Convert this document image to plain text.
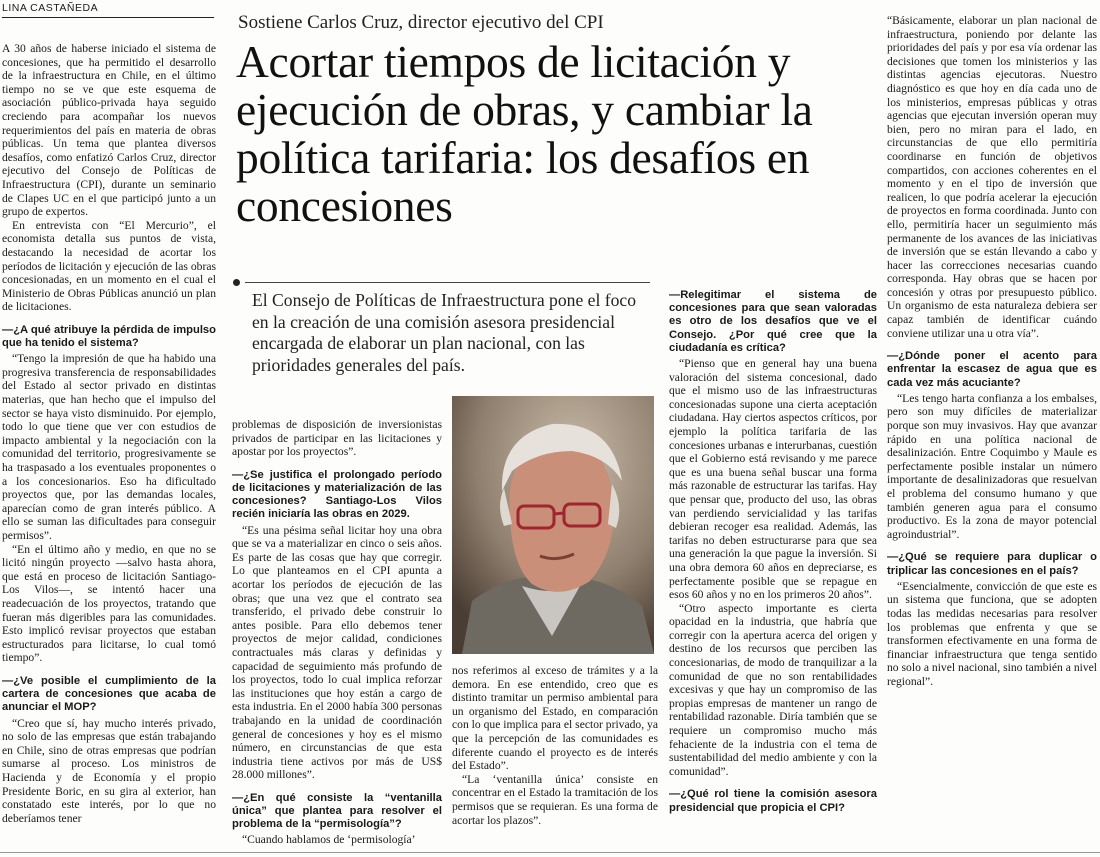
LINA CASTAÑEDA
Sostiene Carlos Cruz, director ejecutivo del CPI
Acortar tiempos de licitación y ejecución de obras, y cambiar la política tarifaria: los desafíos en concesiones
El Consejo de Políticas de Infraestructura pone el foco en la creación de una comisión asesora presidencial encargada de elaborar un plan nacional, con las prioridades generales del país.

A 30 años de haberse iniciado el sistema de concesiones, que ha permitido el desarrollo de la infraestructura en Chile, en el último tiempo no se ve que este esquema de asociación público-privada haya seguido creciendo para acompañar los nuevos requerimientos del país en materia de obras públicas. Un tema que plantea diversos desafíos, como enfatizó Carlos Cruz, director ejecutivo del Consejo de Políticas de Infraestructura (CPI), durante un seminario de Clapes UC en el que participó junto a un grupo de expertos.

En entrevista con “El Mercurio”, el economista detalla sus puntos de vista, destacando la necesidad de acortar los períodos de licitación y ejecución de las obras concesionadas, en un momento en el cual el Ministerio de Obras Públicas anunció un plan de licitaciones.

—¿A qué atribuye la pérdida de impulso que ha tenido el sistema?

“Tengo la impresión de que ha habido una progresiva transferencia de responsabilidades del Estado al sector privado en distintas materias, que han hecho que el impulso del sector se haya visto disminuido. Por ejemplo, todo lo que tiene que ver con estudios de impacto ambiental y la negociación con la comunidad del territorio, progresivamente se ha traspasado a los eventuales proponentes o a los concesionarios. Eso ha dificultado proyectos que, por las demandas locales, aparecían como de gran interés público. A ello se suman las dificultades para conseguir permisos”.

“En el último año y medio, en que no se licitó ningún proyecto —salvo hasta ahora, que está en proceso de licitación Santiago-Los Vilos—, se intentó hacer una readecuación de los proyectos, tratando que fueran más digeribles para las comunidades. Esto implicó revisar proyectos que estaban estructurados para licitarse, lo cual tomó tiempo”.

—¿Ve posible el cumplimiento de la cartera de concesiones que acaba de anunciar el MOP?

“Creo que sí, hay mucho interés privado, no solo de las empresas que están trabajando en Chile, sino de otras empresas que podrían sumarse al proceso. Los ministros de Hacienda y de Economía y el propio Presidente Boric, en su gira al exterior, han constatado este interés, por lo que no deberíamos tener

problemas de disposición de inversionistas privados de participar en las licitaciones y apostar por los proyectos”.

—¿Se justifica el prolongado período de licitaciones y materialización de las concesiones? Santiago-Los Vilos recién iniciaría las obras en 2029.

“Es una pésima señal licitar hoy una obra que se va a materializar en cinco o seis años. Es parte de las cosas que hay que corregir. Lo que planteamos en el CPI apunta a acortar los períodos de ejecución de las obras; que una vez que el contrato sea transferido, el privado debe construir lo antes posible. Para ello debemos tener proyectos de mejor calidad, condiciones contractuales más claras y definidas y capacidad de seguimiento más profundo de los proyectos, todo lo cual implica reforzar las instituciones que hoy están a cargo de esta industria. En el 2000 había 300 personas trabajando en la unidad de coordinación general de concesiones y hoy es el mismo número, en circunstancias de que esta industria tiene activos por más de US$ 28.000 millones”.

—¿En qué consiste la “ventanilla única” que plantea para resolver el problema de la “permisología”?

“Cuando hablamos de ‘permisología’

nos referimos al exceso de trámites y a la demora. En ese entendido, creo que es distinto tramitar un permiso ambiental para un organismo del Estado, en comparación con lo que implica para el sector privado, ya que la percepción de las comunidades es diferente cuando el proyecto es de interés del Estado”.

“La ‘ventanilla única’ consiste en concentrar en el Estado la tramitación de los permisos que se requieran. Es una forma de acortar los plazos”.

—Relegitimar el sistema de concesiones para que sean valoradas es otro de los desafíos que ve el Consejo. ¿Por qué cree que la ciudadanía es crítica?

“Pienso que en general hay una buena valoración del sistema concesional, dado que el mismo uso de las infraestructuras concesionadas supone una cierta aceptación ciudadana. Hay ciertos aspectos críticos, por ejemplo la política tarifaria de las concesiones urbanas e interurbanas, cuestión que el Gobierno está revisando y me parece que es una buena señal buscar una forma más razonable de estructurar las tarifas. Hay que pensar que, producto del uso, las obras van perdiendo servicialidad y las tarifas debieran recoger esa realidad. Además, las tarifas no deben estructurarse para que sea una generación la que pague la inversión. Si una obra demora 60 años en depreciarse, es perfectamente posible que se repague en esos 60 años y no en los primeros 20 años”.

“Otro aspecto importante es cierta opacidad en la industria, que habría que corregir con la apertura acerca del origen y destino de los recursos que perciben las concesionarias, de modo de tranquilizar a la comunidad de que no son rentabilidades excesivas y que hay un compromiso de las propias empresas de mantener un rango de rentabilidad razonable. Diría también que se requiere un compromiso mucho más fehaciente de la industria con el tema de sustentabilidad del medio ambiente y con la comunidad”.

—¿Qué rol tiene la comisión asesora presidencial que propicia el CPI?

“Básicamente, elaborar un plan nacional de infraestructura, poniendo por delante las prioridades del país y por esa vía ordenar las decisiones que tomen los ministerios y las distintas agencias ejecutoras. Nuestro diagnóstico es que hoy en día cada uno de los ministerios, empresas públicas y otras agencias que ejecutan inversión operan muy bien, pero no miran para el lado, en circunstancias de que ello permitiría coordinarse en función de objetivos compartidos, con acciones coherentes en el momento y en el tipo de inversión que realicen, lo que podría acelerar la ejecución de proyectos en forma coordinada. Junto con ello, permitiría hacer un seguimiento más permanente de los avances de las iniciativas de inversión que se están llevando a cabo y hacer las correcciones necesarias cuando corresponda. Hay obras que se hacen por concesión y otras por presupuesto público. Un organismo de esta naturaleza debiera ser capaz también de identificar cuándo conviene utilizar una u otra vía”.

—¿Dónde poner el acento para enfrentar la escasez de agua que es cada vez más acuciante?

“Les tengo harta confianza a los embalses, pero son muy difíciles de materializar porque son muy invasivos. Hay que avanzar rápido en una política nacional de desalinización. Entre Coquimbo y Maule es perfectamente posible instalar un número importante de desalinizadoras que resuelvan el problema del consumo humano y que también generen agua para el consumo productivo. Es la zona de mayor potencial agroindustrial”.

—¿Qué se requiere para duplicar o triplicar las concesiones en el país?

“Esencialmente, convicción de que este es un sistema que funciona, que se adopten todas las medidas necesarias para resolver los problemas que enfrenta y que se transformen efectivamente en una forma de financiar infraestructura que tenga sentido no solo a nivel nacional, sino también a nivel regional”.
